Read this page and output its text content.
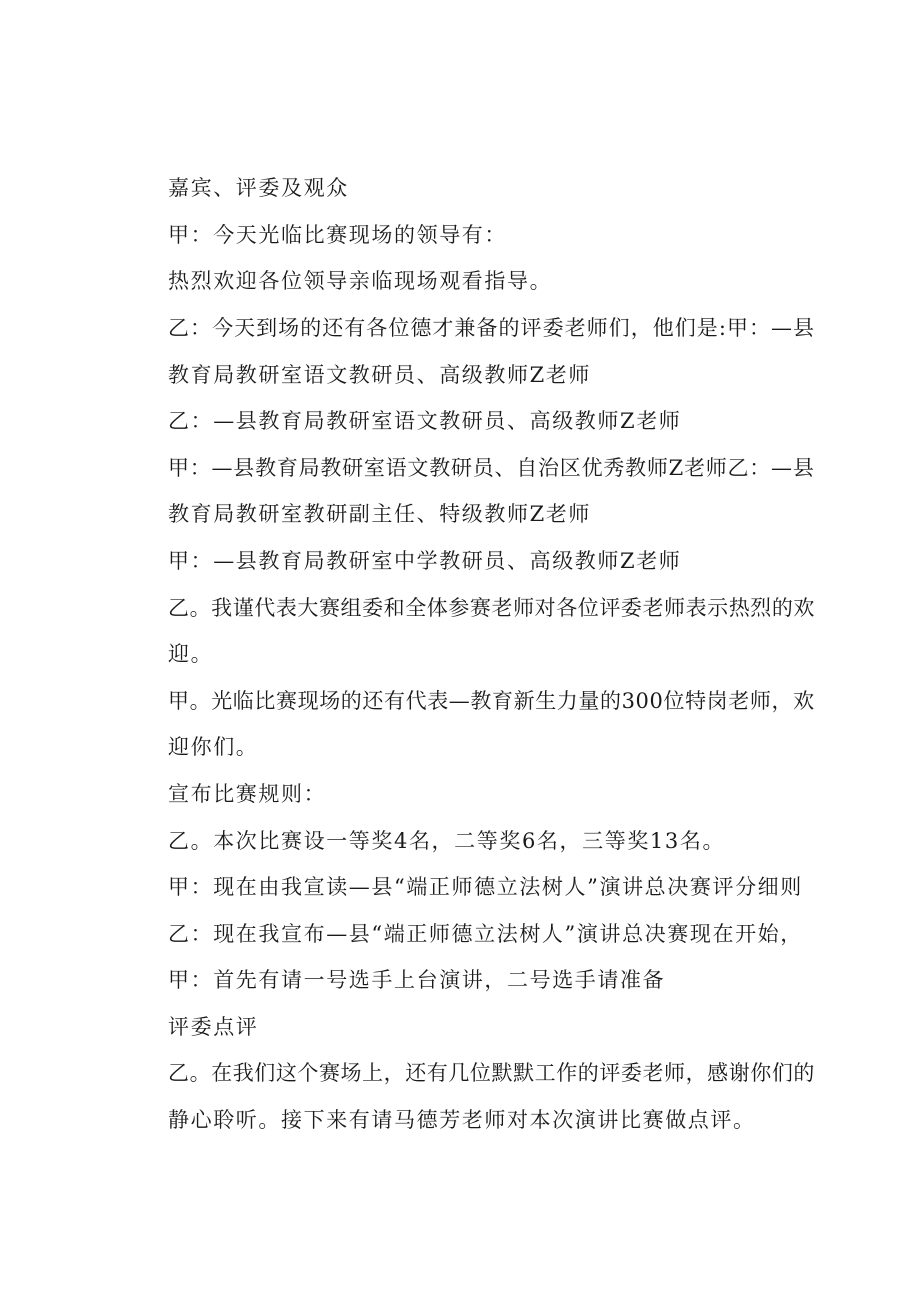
嘉宾、评委及观众
甲：今天光临比赛现场的领导有：
热烈欢迎各位领导亲临现场观看指导。
乙：今天到场的还有各位德才兼备的评委老师们，他们是:甲：—县
教育局教研室语文教研员、高级教师Z老师
乙：—县教育局教研室语文教研员、高级教师Z老师
甲：—县教育局教研室语文教研员、自治区优秀教师Z老师乙：—县
教育局教研室教研副主任、特级教师Z老师
甲：—县教育局教研室中学教研员、高级教师Z老师
乙。我谨代表大赛组委和全体参赛老师对各位评委老师表示热烈的欢
迎。
甲。光临比赛现场的还有代表—教育新生力量的300位特岗老师，欢
迎你们。
宣布比赛规则：
乙。本次比赛设一等奖4名，二等奖6名，三等奖13名。
甲：现在由我宣读—县“端正师德立法树人”演讲总决赛评分细则
乙：现在我宣布—县“端正师德立法树人”演讲总决赛现在开始，
甲：首先有请一号选手上台演讲，二号选手请准备
评委点评
乙。在我们这个赛场上，还有几位默默工作的评委老师，感谢你们的
静心聆听。接下来有请马德芳老师对本次演讲比赛做点评。
